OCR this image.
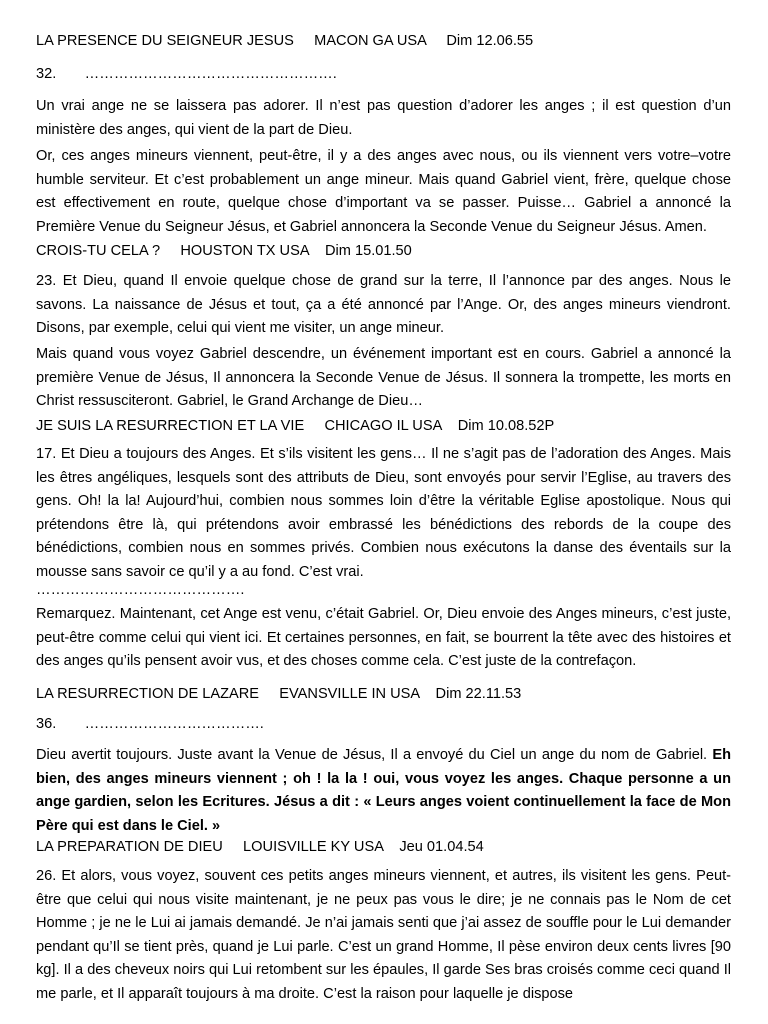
LA PRESENCE DU SEIGNEUR JESUS     MACON GA USA     Dim 12.06.55

32.       …………………………………………….

Un vrai ange ne se laissera pas adorer. Il n’est pas question d’adorer les anges ; il est question d’un ministère des anges, qui vient de la part de Dieu.

Or, ces anges mineurs viennent, peut-être, il y a des anges avec nous, ou ils viennent vers votre–votre humble serviteur. Et c’est probablement un ange mineur. Mais quand Gabriel vient, frère, quelque chose est effectivement en route, quelque chose d’important va se passer. Puisse… Gabriel a annoncé la Première Venue du Seigneur Jésus, et Gabriel annoncera la Seconde Venue du Seigneur Jésus. Amen.

CROIS-TU CELA ?     HOUSTON TX USA    Dim 15.01.50

23. Et Dieu, quand Il envoie quelque chose de grand sur la terre, Il l’annonce par des anges. Nous le savons. La naissance de Jésus et tout, ça a été annoncé par l’Ange. Or, des anges mineurs viendront. Disons, par exemple, celui qui vient me visiter, un ange mineur.

Mais quand vous voyez Gabriel descendre, un événement important est en cours. Gabriel a annoncé la première Venue de Jésus, Il annoncera la Seconde Venue de Jésus. Il sonnera la trompette, les morts en Christ ressusciteront. Gabriel, le Grand Archange de Dieu…

JE SUIS LA RESURRECTION ET LA VIE     CHICAGO IL USA    Dim 10.08.52P

17. Et Dieu a toujours des Anges. Et s’ils visitent les gens… Il ne s’agit pas de l’adoration des Anges. Mais les êtres angéliques, lesquels sont des attributs de Dieu, sont envoyés pour servir l’Eglise, au travers des gens. Oh! la la! Aujourd’hui, combien nous sommes loin d’être la véritable Eglise apostolique. Nous qui prétendons être là, qui prétendons avoir embrassé les bénédictions des rebords de la coupe des bénédictions, combien nous en sommes privés. Combien nous exécutons la danse des éventails sur la mousse sans savoir ce qu’il y a au fond. C’est vrai.

…………………………………….

Remarquez. Maintenant, cet Ange est venu, c’était Gabriel. Or, Dieu envoie des Anges mineurs, c’est juste, peut-être comme celui qui vient ici. Et certaines personnes, en fait, se bourrent la tête avec des histoires et des anges qu’ils pensent avoir vus, et des choses comme cela. C’est juste de la contrefaçon.

LA RESURRECTION DE LAZARE     EVANSVILLE IN USA    Dim 22.11.53

36.       ……………………………….

Dieu avertit toujours. Juste avant la Venue de Jésus, Il a envoyé du Ciel un ange du nom de Gabriel. Eh bien, des anges mineurs viennent ; oh ! la la ! oui, vous voyez les anges. Chaque personne a un ange gardien, selon les Ecritures. Jésus a dit : « Leurs anges voient continuellement la face de Mon Père qui est dans le Ciel. »

LA PREPARATION DE DIEU     LOUISVILLE KY USA    Jeu 01.04.54

26. Et alors, vous voyez, souvent ces petits anges mineurs viennent, et autres, ils visitent les gens. Peut-être que celui qui nous visite maintenant, je ne peux pas vous le dire; je ne connais pas le Nom de cet Homme ; je ne le Lui ai jamais demandé. Je n’ai jamais senti que j’ai assez de souffle pour le Lui demander pendant qu’Il se tient près, quand je Lui parle. C’est un grand Homme, Il pèse environ deux cents livres [90 kg]. Il a des cheveux noirs qui Lui retombent sur les épaules, Il garde Ses bras croisés comme ceci quand Il me parle, et Il apparaît toujours à ma droite. C’est la raison pour laquelle je dispose
